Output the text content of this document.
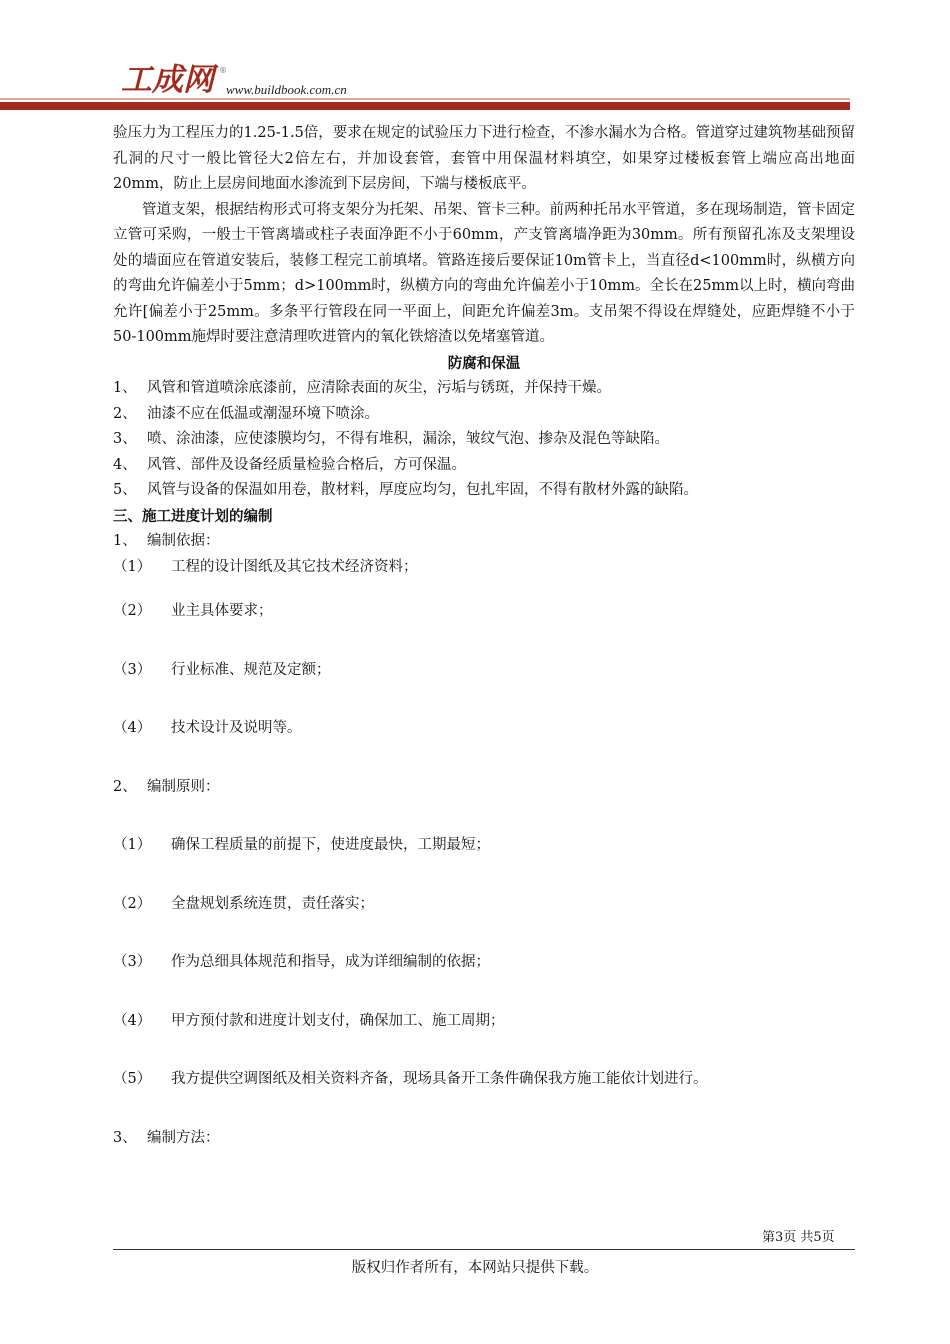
工成网 ®
www.buildbook.com.cn

验压力为工程压力的1.25-1.5倍，要求在规定的试验压力下进行检查，不渗水漏水为合格。管道穿过建筑物基础预留孔洞的尺寸一般比管径大2倍左右，并加设套管，套管中用保温材料填空，如果穿过楼板套管上端应高出地面20mm，防止上层房间地面水渗流到下层房间，下端与楼板底平。

管道支架，根据结构形式可将支架分为托架、吊架、管卡三种。前两种托吊水平管道，多在现场制造，管卡固定立管可采购，一般士干管离墙或柱子表面净距不小于60mm，产支管离墙净距为30mm。所有预留孔冻及支架埋设处的墙面应在管道安装后，装修工程完工前填堵。管路连接后要保证10m管卡上，当直径d<100mm时，纵横方向的弯曲允许偏差小于5mm；d>100mm时，纵横方向的弯曲允许偏差小于10mm。全长在25mm以上时，横向弯曲允许[偏差小于25mm。多条平行管段在同一平面上，间距允许偏差3m。支吊架不得设在焊缝处，应距焊缝不小于50-100mm施焊时要注意清理吹进管内的氧化铁熔渣以免堵塞管道。

防腐和保温

1、 风管和管道喷涂底漆前，应清除表面的灰尘，污垢与锈斑，并保持干燥。
2、 油漆不应在低温或潮湿环境下喷涂。
3、 喷、涂油漆，应使漆膜均匀，不得有堆积，漏涂，皱纹气泡、掺杂及混色等缺陷。
4、 风管、部件及设备经质量检验合格后，方可保温。
5、 风管与设备的保温如用卷，散材料，厚度应均匀，包扎牢固，不得有散材外露的缺陷。

三、施工进度计划的编制

1、 编制依据：
（1）	工程的设计图纸及其它技术经济资料；
（2）	业主具体要求；
（3）	行业标准、规范及定额；
（4）	技术设计及说明等。
2、 编制原则：
（1）	确保工程质量的前提下，使进度最快，工期最短；
（2）	全盘规划系统连贯，责任落实；
（3）	作为总细具体规范和指导，成为详细编制的依据；
（4）	甲方预付款和进度计划支付，确保加工、施工周期；
（5）	我方提供空调图纸及相关资料齐备，现场具备开工条件确保我方施工能依计划进行。
3、 编制方法：
第3页 共5页
版权归作者所有，本网站只提供下载。
